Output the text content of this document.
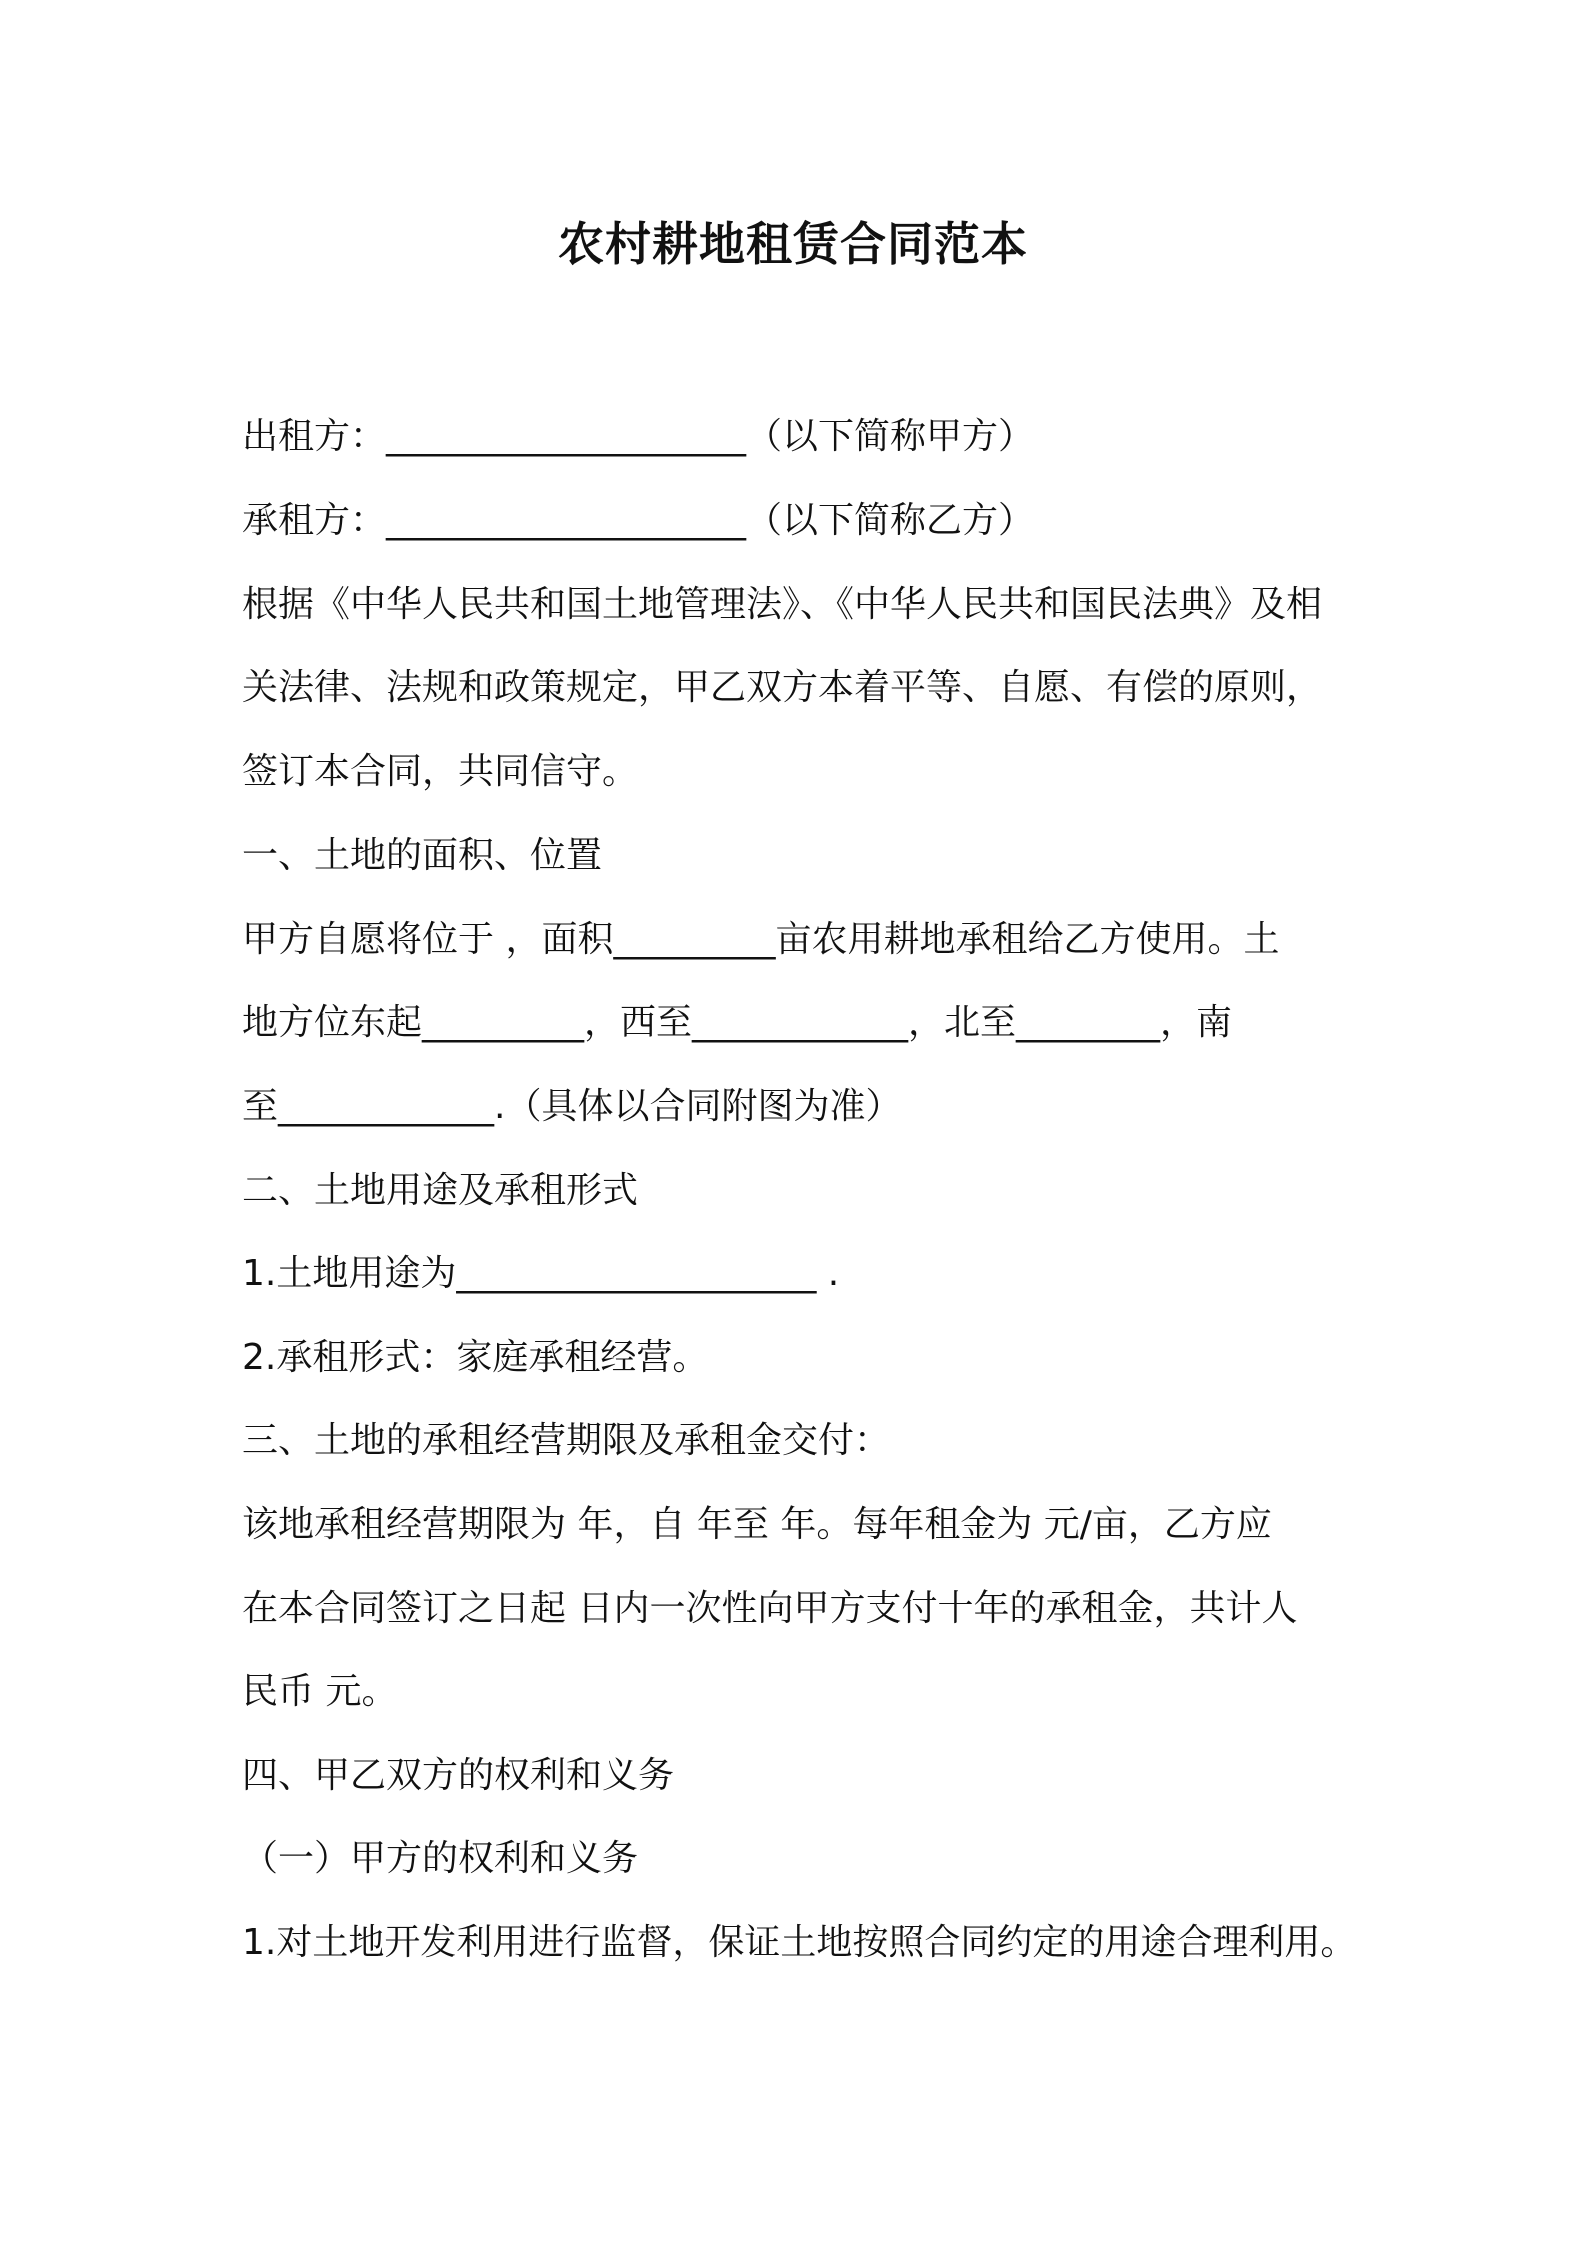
农村耕地租赁合同范本
出租方：____________________（以下简称甲方）
承租方：____________________（以下简称乙方）
根据《中华人民共和国土地管理法》、《中华人民共和国民法典》及相
关法律、法规和政策规定，甲乙双方本着平等、自愿、有偿的原则，
签订本合同，共同信守。
一、土地的面积、位置
甲方自愿将位于 ，面积_________亩农用耕地承租给乙方使用。土
地方位东起_________，西至____________，北至________，南
至____________.（具体以合同附图为准）
二、土地用途及承租形式
1.土地用途为____________________ .
2.承租形式：家庭承租经营。
三、土地的承租经营期限及承租金交付：
该地承租经营期限为 年，自 年至 年。每年租金为 元/亩，乙方应
在本合同签订之日起 日内一次性向甲方支付十年的承租金，共计人
民币 元。
四、甲乙双方的权利和义务
（一）甲方的权利和义务
1.对土地开发利用进行监督，保证土地按照合同约定的用途合理利用。
